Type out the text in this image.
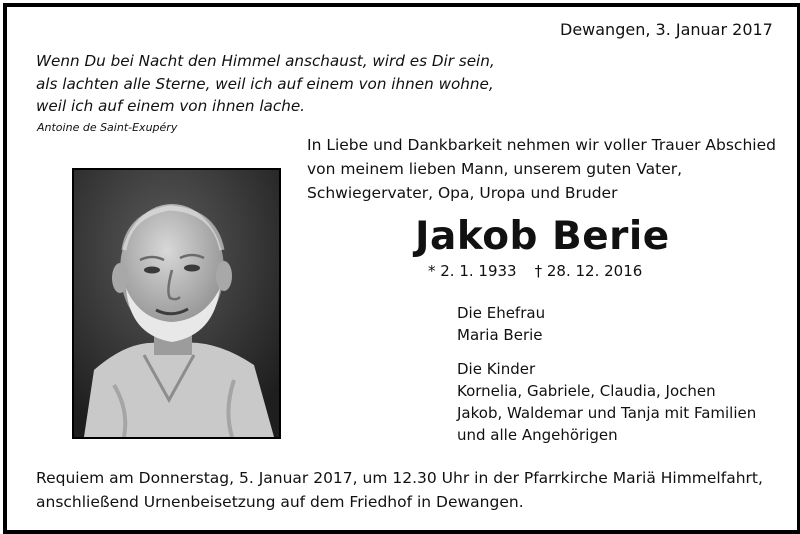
Dewangen, 3. Januar 2017
Wenn Du bei Nacht den Himmel anschaust, wird es Dir sein,
als lachten alle Sterne, weil ich auf einem von ihnen wohne,
weil ich auf einem von ihnen lache.
Antoine de Saint-Exupéry
In Liebe und Dankbarkeit nehmen wir voller Trauer Abschied
von meinem lieben Mann, unserem guten Vater,
Schwiegervater, Opa, Uropa und Bruder
Jakob Berie
* 2. 1. 1933 † 28. 12. 2016
Die Ehefrau
Maria Berie
Die Kinder
Kornelia, Gabriele, Claudia, Jochen
Jakob, Waldemar und Tanja mit Familien
und alle Angehörigen
Requiem am Donnerstag, 5. Januar 2017, um 12.30 Uhr in der Pfarrkirche Mariä Himmelfahrt,
anschließend Urnenbeisetzung auf dem Friedhof in Dewangen.
